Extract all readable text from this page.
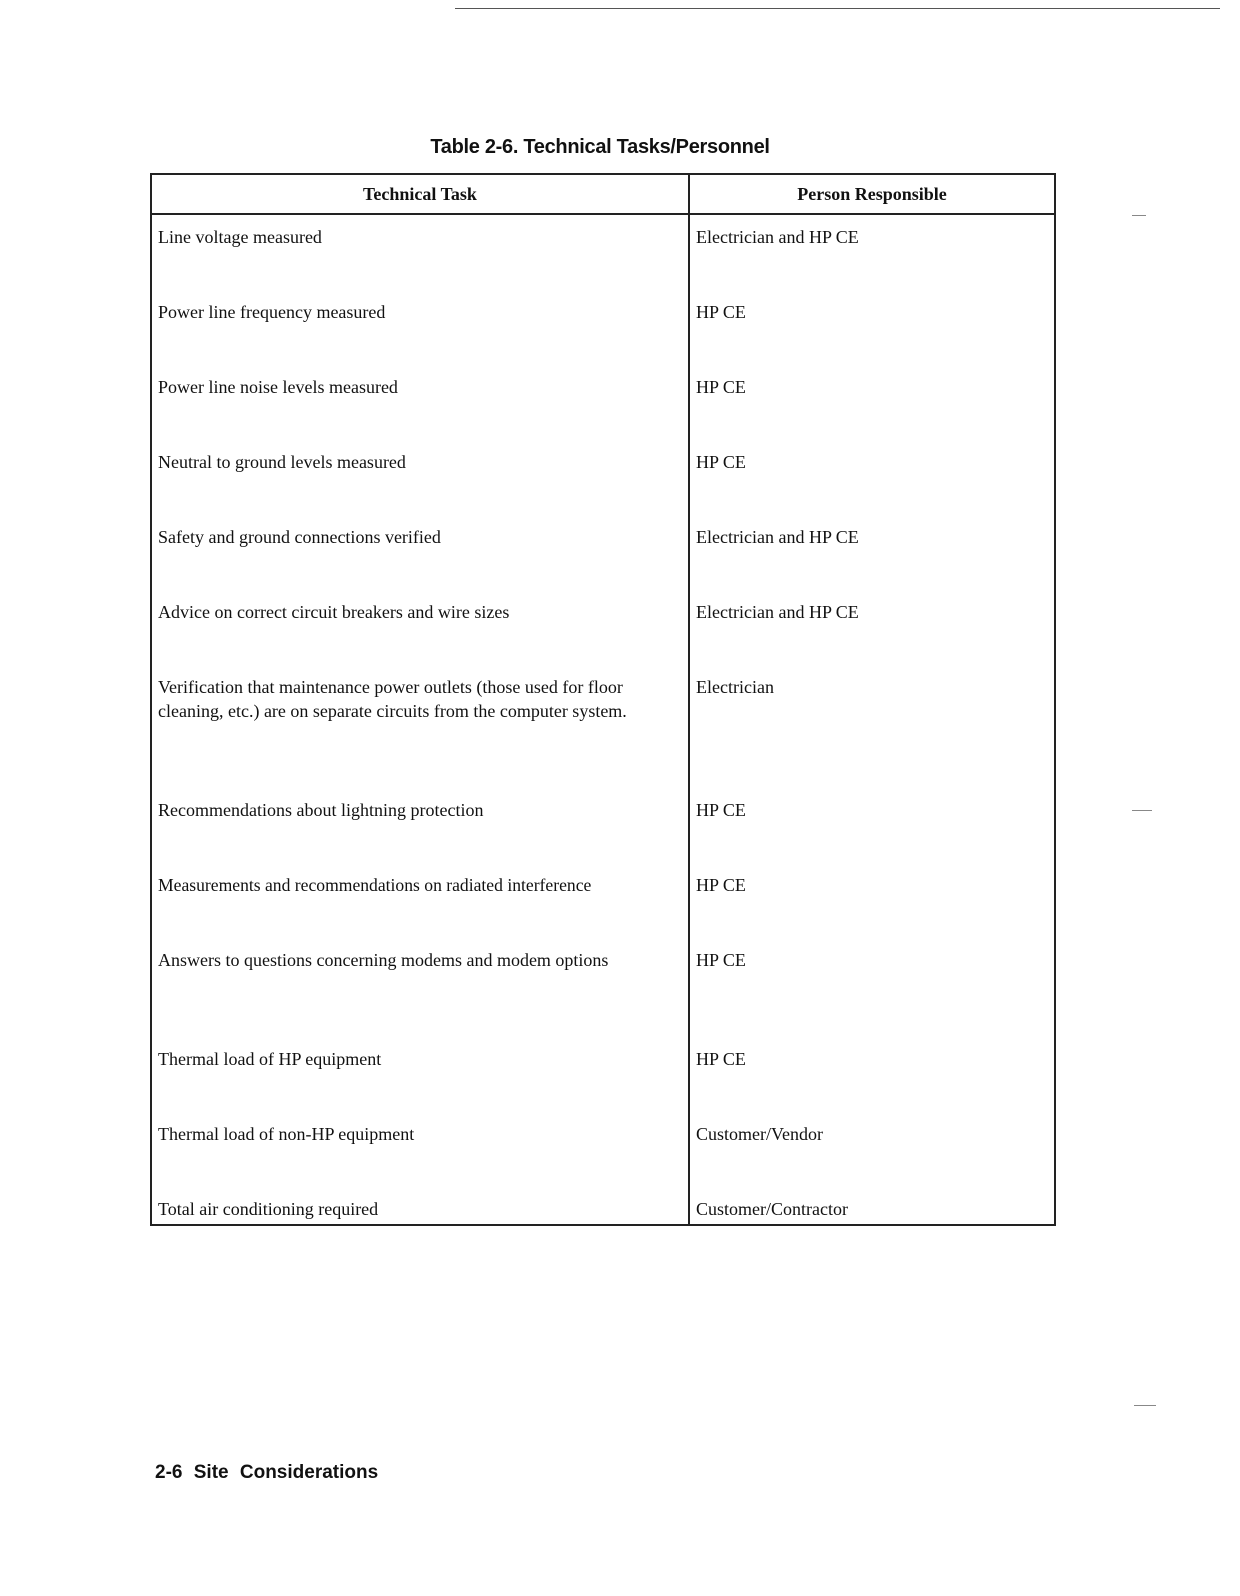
Table 2-6. Technical Tasks/Personnel
Technical Task	Person Responsible
Line voltage measured	Electrician and HP CE
Power line frequency measured	HP CE
Power line noise levels measured	HP CE
Neutral to ground levels measured	HP CE
Safety and ground connections verified	Electrician and HP CE
Advice on correct circuit breakers and wire sizes	Electrician and HP CE
Verification that maintenance power outlets (those used for floor cleaning, etc.) are on separate circuits from the computer system.	Electrician
Recommendations about lightning protection	HP CE
Measurements and recommendations on radiated interference	HP CE
Answers to questions concerning modems and modem options	HP CE
Thermal load of HP equipment	HP CE
Thermal load of non-HP equipment	Customer/Vendor
Total air conditioning required	Customer/Contractor
2-6 Site Considerations
